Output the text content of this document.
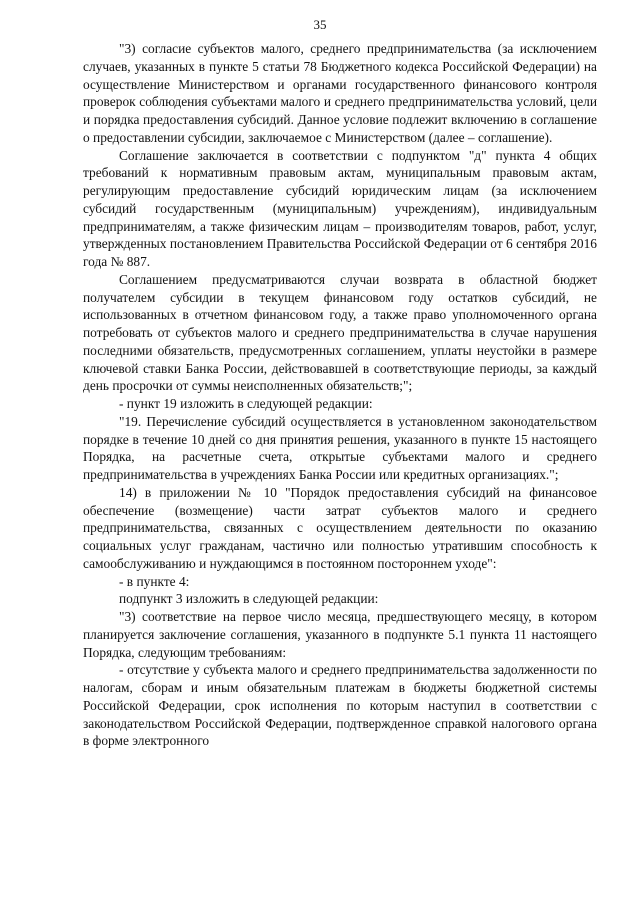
35

"3) согласие субъектов малого, среднего предпринимательства (за исключением случаев, указанных в пункте 5 статьи 78 Бюджетного кодекса Российской Федерации) на осуществление Министерством и органами государственного финансового контроля проверок соблюдения субъектами малого и среднего предпринимательства условий, цели и порядка предоставления субсидий. Данное условие подлежит включению в соглашение о предоставлении субсидии, заключаемое с Министерством (далее – соглашение).

Соглашение заключается в соответствии с подпунктом "д" пункта 4 общих требований к нормативным правовым актам, муниципальным правовым актам, регулирующим предоставление субсидий юридическим лицам (за исключением субсидий государственным (муниципальным) учреждениям), индивидуальным предпринимателям, а также физическим лицам – производителям товаров, работ, услуг, утвержденных постановлением Правительства Российской Федерации от 6 сентября 2016 года № 887.

Соглашением предусматриваются случаи возврата в областной бюджет получателем субсидии в текущем финансовом году остатков субсидий, не использованных в отчетном финансовом году, а также право уполномоченного органа потребовать от субъектов малого и среднего предпринимательства в случае нарушения последними обязательств, предусмотренных соглашением, уплаты неустойки в размере ключевой ставки Банка России, действовавшей в соответствующие периоды, за каждый день просрочки от суммы неисполненных обязательств;";

- пункт 19 изложить в следующей редакции:

"19. Перечисление субсидий осуществляется в установленном законодательством порядке в течение 10 дней со дня принятия решения, указанного в пункте 15 настоящего Порядка, на расчетные счета, открытые субъектами малого и среднего предпринимательства в учреждениях Банка России или кредитных организациях.";

14) в приложении № 10 "Порядок предоставления субсидий на финансовое обеспечение (возмещение) части затрат субъектов малого и среднего предпринимательства, связанных с осуществлением деятельности по оказанию социальных услуг гражданам, частично или полностью утратившим способность к самообслуживанию и нуждающимся в постоянном постороннем уходе":

- в пункте 4:

подпункт 3 изложить в следующей редакции:

"3) соответствие на первое число месяца, предшествующего месяцу, в котором планируется заключение соглашения, указанного в подпункте 5.1 пункта 11 настоящего Порядка, следующим требованиям:

- отсутствие у субъекта малого и среднего предпринимательства задолженности по налогам, сборам и иным обязательным платежам в бюджеты бюджетной системы Российской Федерации, срок исполнения по которым наступил в соответствии с законодательством Российской Федерации, подтвержденное справкой налогового органа в форме электронного
